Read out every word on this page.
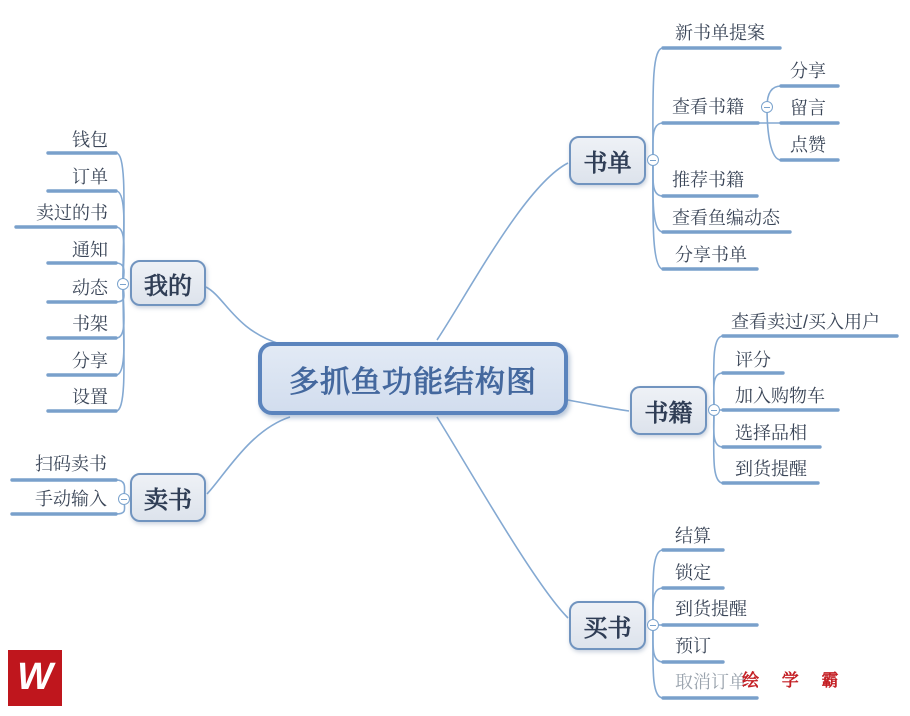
多抓鱼功能结构图
我的
卖书
书单
书籍
买书
钱包
订单
卖过的书
通知
动态
书架
分享
设置
扫码卖书
手动输入
新书单提案
查看书籍
分享
留言
点赞
推荐书籍
查看鱼编动态
分享书单
查看卖过/买入用户
评分
加入购物车
选择品相
到货提醒
结算
锁定
到货提醒
预订
取消订单
W	绘 学 霸
